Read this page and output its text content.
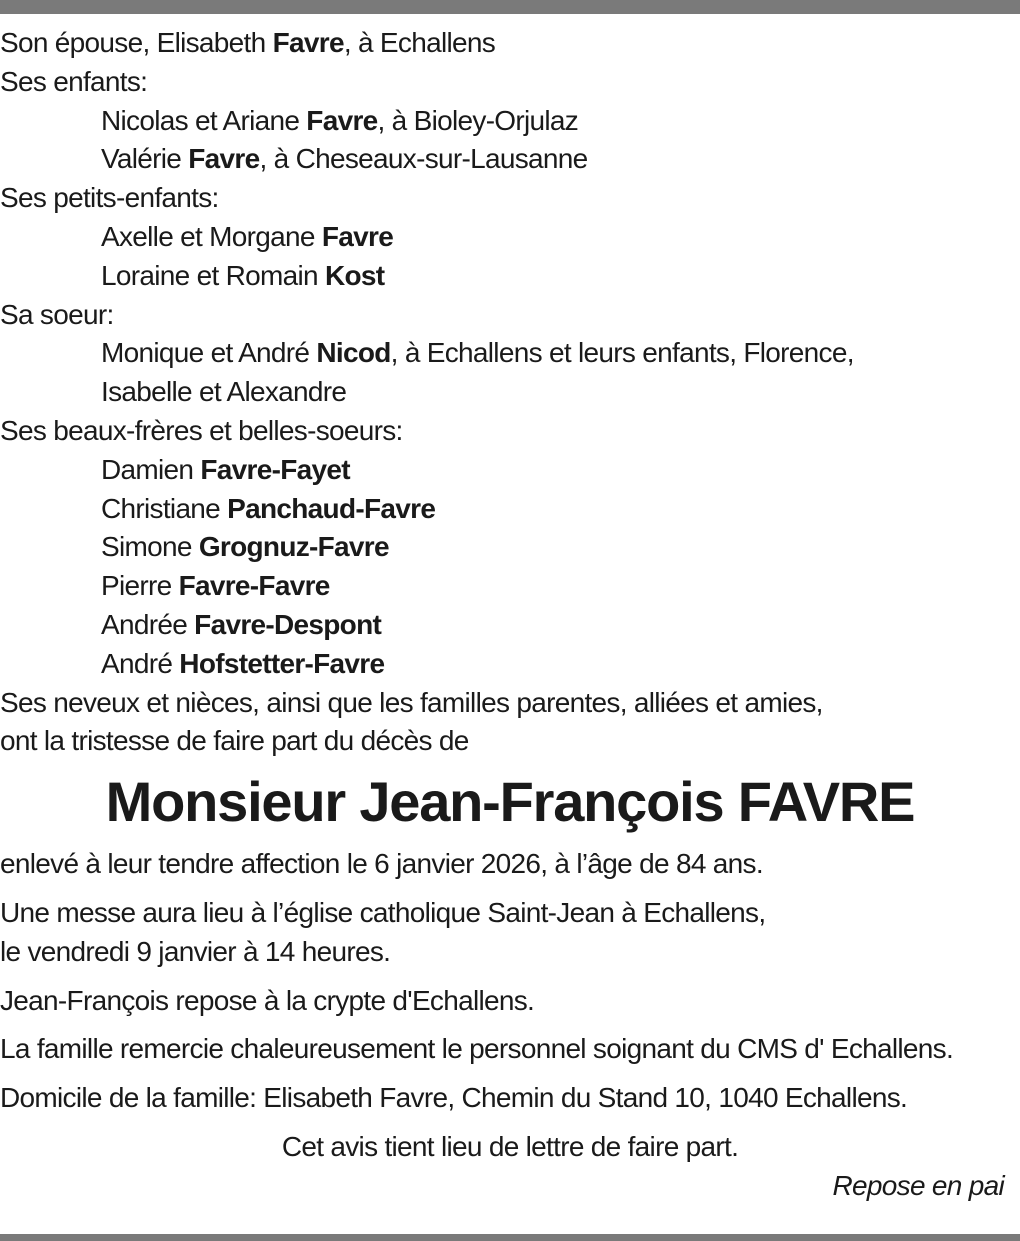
Son épouse, Elisabeth Favre, à Echallens
Ses enfants:
Nicolas et Ariane Favre, à Bioley-Orjulaz
Valérie Favre, à Cheseaux-sur-Lausanne
Ses petits-enfants:
Axelle et Morgane Favre
Loraine et Romain Kost
Sa soeur:
Monique et André Nicod, à Echallens et leurs enfants, Florence,
Isabelle et Alexandre
Ses beaux-frères et belles-soeurs:
Damien Favre-Fayet
Christiane Panchaud-Favre
Simone Grognuz-Favre
Pierre Favre-Favre
Andrée Favre-Despont
André Hofstetter-Favre
Ses neveux et nièces, ainsi que les familles parentes, alliées et amies,
ont la tristesse de faire part du décès de
Monsieur Jean-François FAVRE
enlevé à leur tendre affection le 6 janvier 2026, à l’âge de 84 ans.
Une messe aura lieu à l’église catholique Saint-Jean à Echallens,
le vendredi 9 janvier à 14 heures.
Jean-François repose à la crypte d'Echallens.
La famille remercie chaleureusement le personnel soignant du CMS d' Echallens.
Domicile de la famille: Elisabeth Favre, Chemin du Stand 10, 1040 Echallens.
Cet avis tient lieu de lettre de faire part.
Repose en pai
